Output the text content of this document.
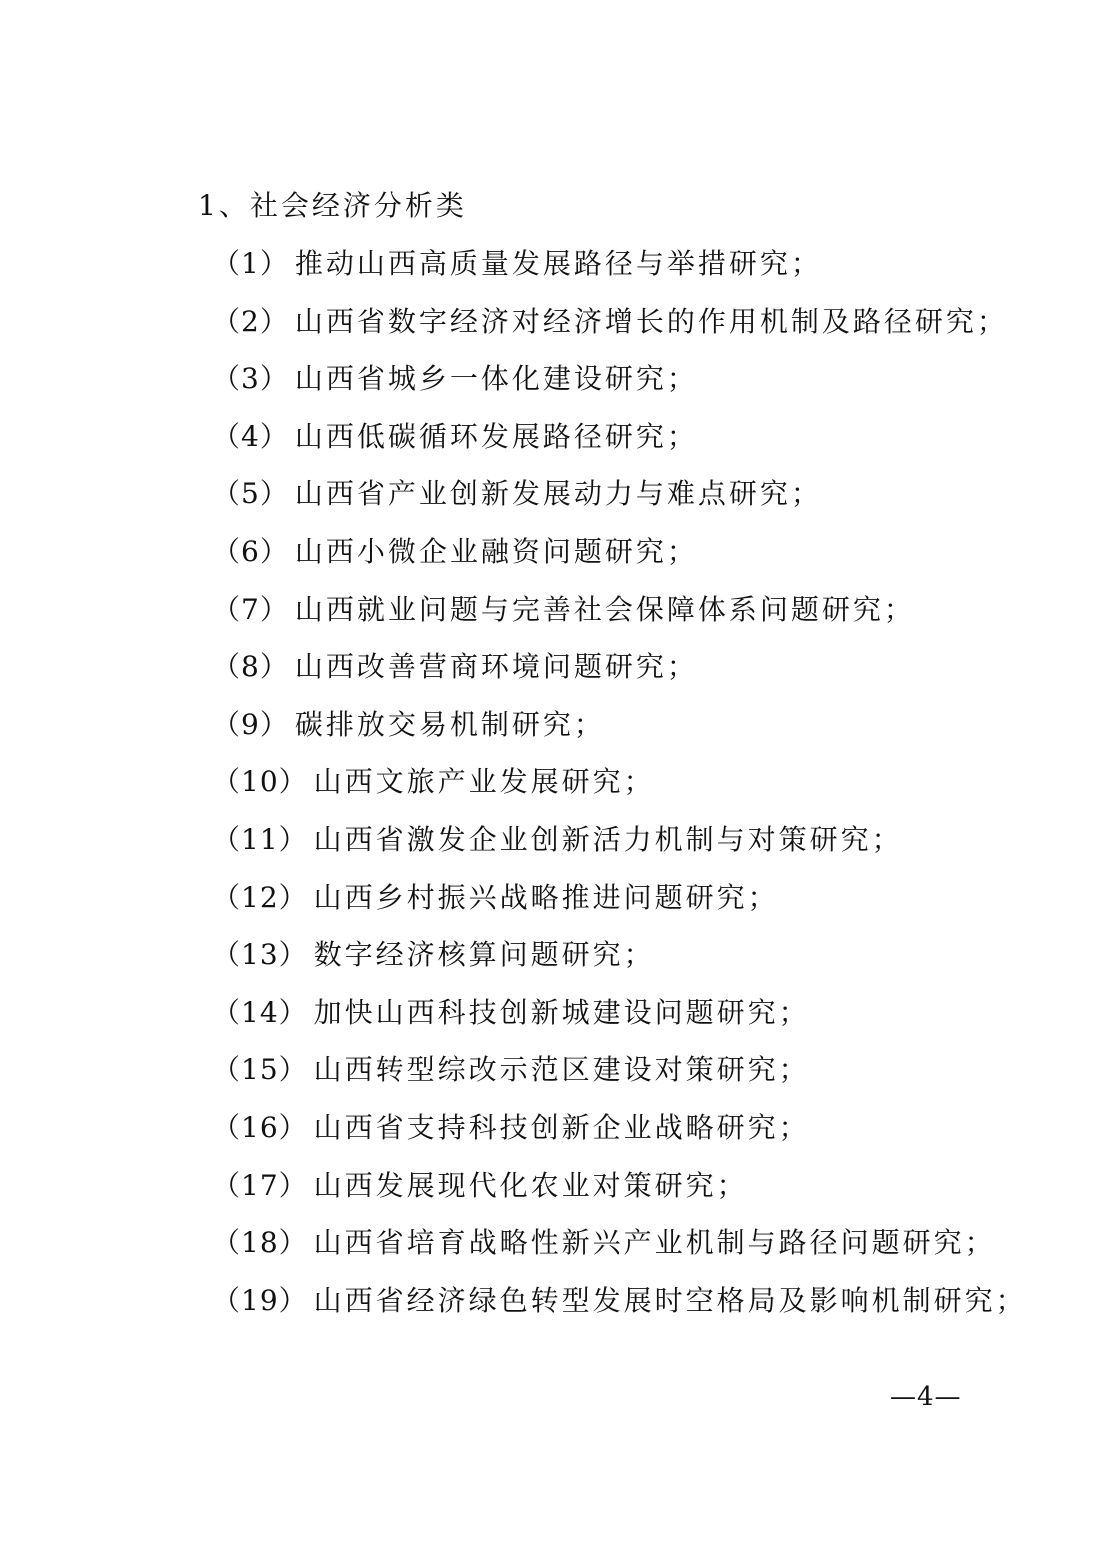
1、社会经济分析类
（1） 推动山西高质量发展路径与举措研究；
（2） 山西省数字经济对经济增长的作用机制及路径研究；
（3） 山西省城乡一体化建设研究；
（4） 山西低碳循环发展路径研究；
（5） 山西省产业创新发展动力与难点研究；
（6） 山西小微企业融资问题研究；
（7） 山西就业问题与完善社会保障体系问题研究；
（8） 山西改善营商环境问题研究；
（9） 碳排放交易机制研究；
（10） 山西文旅产业发展研究；
（11） 山西省激发企业创新活力机制与对策研究；
（12） 山西乡村振兴战略推进问题研究；
（13） 数字经济核算问题研究；
（14） 加快山西科技创新城建设问题研究；
（15） 山西转型综改示范区建设对策研究；
（16） 山西省支持科技创新企业战略研究；
（17） 山西发展现代化农业对策研究；
（18） 山西省培育战略性新兴产业机制与路径问题研究；
（19） 山西省经济绿色转型发展时空格局及影响机制研究；
—4—
